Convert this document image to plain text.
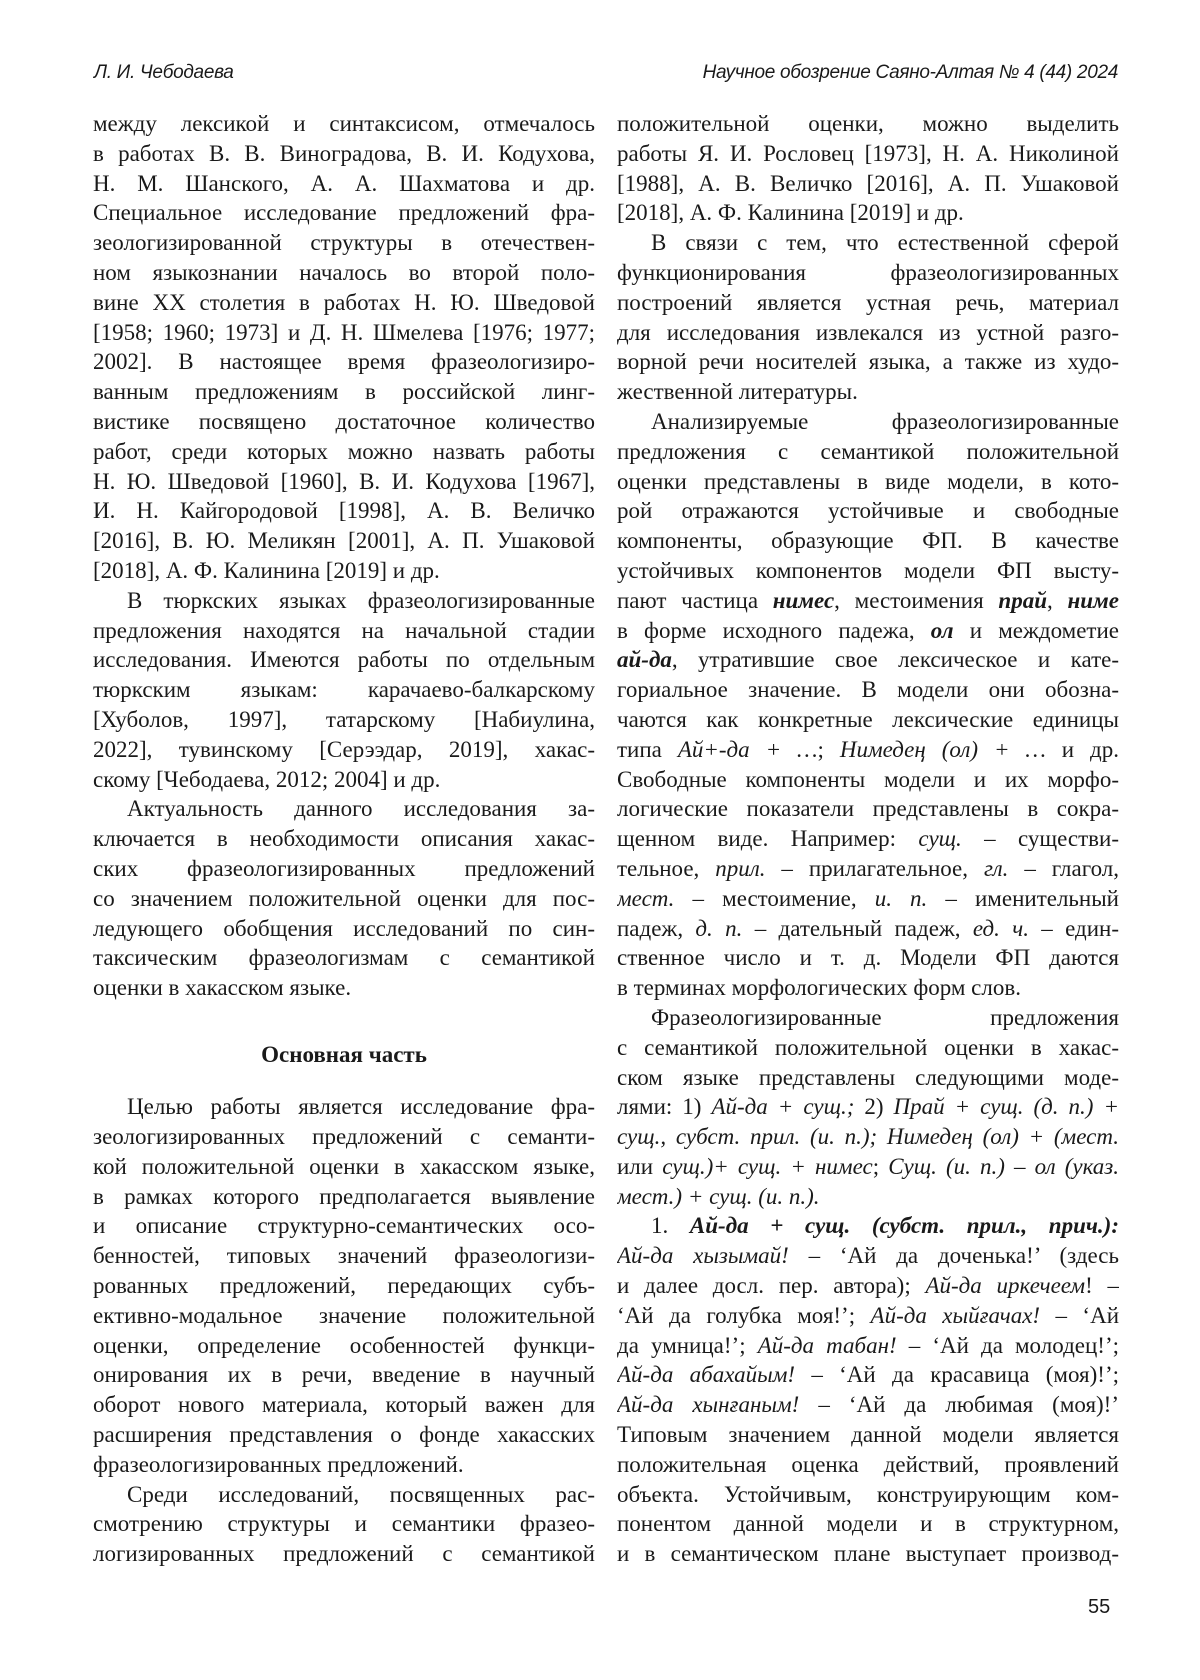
Л. И. Чебодаева	Научное обозрение Саяно-Алтая № 4 (44) 2024
между лексикой и синтаксисом, отмечалось
в работах В. В. Виноградова, В. И. Кодухова,
Н. М. Шанского, А. А. Шахматова и др.
Специальное исследование предложений фра-
зеологизированной структуры в отечествен-
ном языкознании началось во второй поло-
вине XX столетия в работах Н. Ю. Шведовой
[1958; 1960; 1973] и Д. Н. Шмелева [1976; 1977;
2002]. В настоящее время фразеологизиро-
ванным предложениям в российской линг-
вистике посвящено достаточное количество
работ, среди которых можно назвать работы
Н. Ю. Шведовой [1960], В. И. Кодухова [1967],
И. Н. Кайгородовой [1998], А. В. Величко
[2016], В. Ю. Меликян [2001], А. П. Ушаковой
[2018], А. Ф. Калинина [2019] и др.
В тюркских языках фразеологизированные
предложения находятся на начальной стадии
исследования. Имеются работы по отдельным
тюркским языкам: карачаево-балкарскому
[Хуболов, 1997], татарскому [Набиулина,
2022], тувинскому [Серээдар, 2019], хакас-
скому [Чебодаева, 2012; 2004] и др.
Актуальность данного исследования за-
ключается в необходимости описания хакас-
ских фразеологизированных предложений
со значением положительной оценки для пос-
ледующего обобщения исследований по син-
таксическим фразеологизмам с семантикой
оценки в хакасском языке.
Основная часть
Целью работы является исследование фра-
зеологизированных предложений с семанти-
кой положительной оценки в хакасском языке,
в рамках которого предполагается выявление
и описание структурно-семантических осо-
бенностей, типовых значений фразеологизи-
рованных предложений, передающих субъ-
ективно-модальное значение положительной
оценки, определение особенностей функци-
онирования их в речи, введение в научный
оборот нового материала, который важен для
расширения представления о фонде хакасских
фразеологизированных предложений.
Среди исследований, посвященных рас-
смотрению структуры и семантики фразео-
логизированных предложений с семантикой
положительной оценки, можно выделить
работы Я. И. Рословец [1973], Н. А. Николиной
[1988], А. В. Величко [2016], А. П. Ушаковой
[2018], А. Ф. Калинина [2019] и др.
В связи с тем, что естественной сферой
функционирования фразеологизированных
построений является устная речь, материал
для исследования извлекался из устной разго-
ворной речи носителей языка, а также из худо-
жественной литературы.
Анализируемые фразеологизированные
предложения с семантикой положительной
оценки представлены в виде модели, в кото-
рой отражаются устойчивые и свободные
компоненты, образующие ФП. В качестве
устойчивых компонентов модели ФП высту-
пают частица нимес, местоимения прай, ниме
в форме исходного падежа, ол и междометие
ай-да, утратившие свое лексическое и кате-
гориальное значение. В модели они обозна-
чаются как конкретные лексические единицы
типа Ай+-да + …; Нимедең (ол) + … и др.
Свободные компоненты модели и их морфо-
логические показатели представлены в сокра-
щенном виде. Например: сущ. – существи-
тельное, прил. – прилагательное, гл. – глагол,
мест. – местоимение, и. п. – именительный
падеж, д. п. – дательный падеж, ед. ч. – един-
ственное число и т. д. Модели ФП даются
в терминах морфологических форм слов.
Фразеологизированные предложения
с семантикой положительной оценки в хакас-
ском языке представлены следующими моде-
лями: 1) Ай-да + сущ.; 2) Прай + сущ. (д. п.) +
сущ., субст. прил. (и. п.); Нимедең (ол) + (мест.
или сущ.)+ сущ. + нимес; Сущ. (и. п.) – ол (указ.
мест.) + сущ. (и. п.).
1. Ай-да + сущ. (субст. прил., прич.):
Ай-да хызымай! – ‘Ай да доченька!’ (здесь
и далее досл. пер. автора); Ай-да иркечеем! –
‘Ай да голубка моя!’; Ай-да хыйғачах! – ‘Ай
да умница!’; Ай-да табан! – ‘Ай да молодец!’;
Ай-да абахайым! – ‘Ай да красавица (моя)!’;
Ай-да хынғаным! – ‘Ай да любимая (моя)!’
Типовым значением данной модели является
положительная оценка действий, проявлений
объекта. Устойчивым, конструирующим ком-
понентом данной модели и в структурном,
и в семантическом плане выступает производ-
55
